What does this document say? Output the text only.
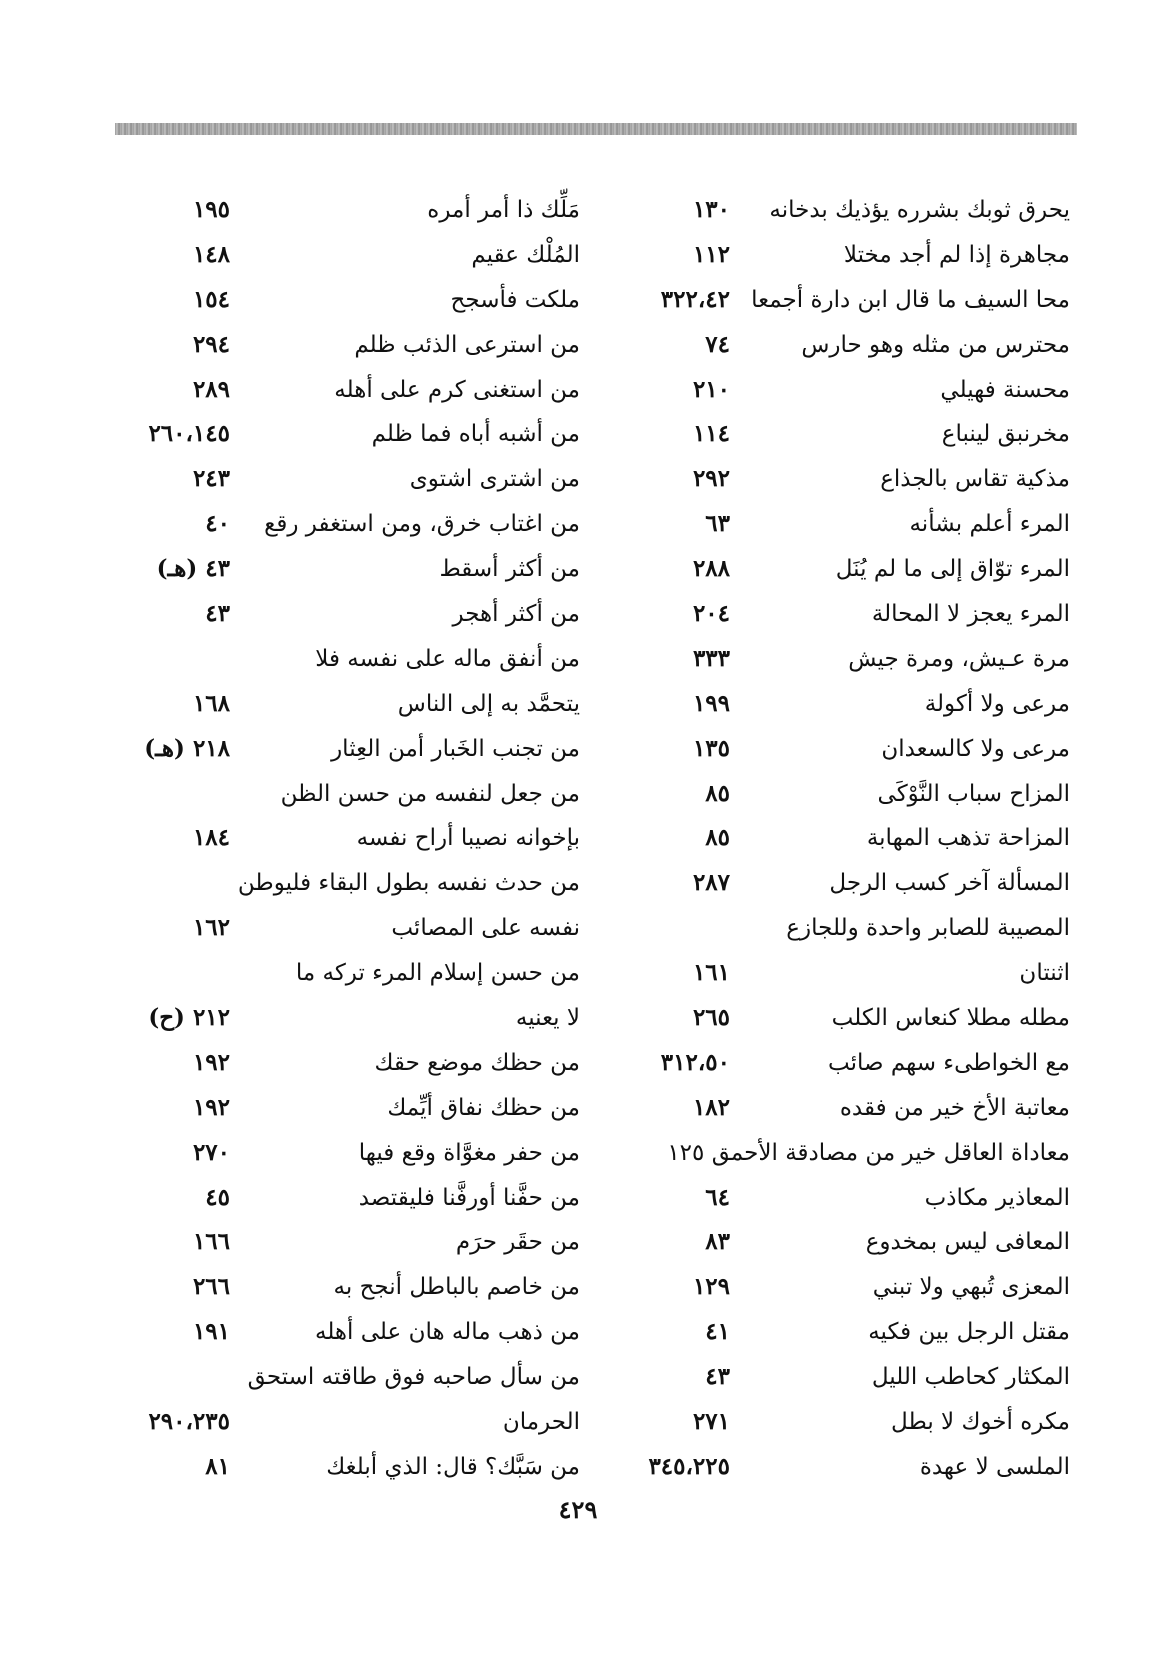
يحرق ثوبك بشرره يؤذيك بدخانه
١٣٠
مجاهرة إذا لم أجد مختلا
١١٢
محا السيف ما قال ابن دارة أجمعا
٣٢٢،٤٢
محترس من مثله وهو حارس
٧٤
محسنة فهيلي
٢١٠
مخرنبق لينباع
١١٤
مذكية تقاس بالجذاع
٢٩٢
المرء أعلم بشأنه
٦٣
المرء توّاق إلى ما لم يُنَل
٢٨٨
المرء يعجز لا المحالة
٢٠٤
مرة عـيش، ومرة جيش
٣٣٣
مرعى ولا أكولة
١٩٩
مرعى ولا كالسعدان
١٣٥
المزاح سباب النَّوْكَى
٨٥
المزاحة تذهب المهابة
٨٥
المسألة آخر كسب الرجل
٢٨٧
المصيبة للصابر واحدة وللجازع
اثنتان
١٦١
مطله مطلا كنعاس الكلب
٢٦٥
مع الخواطىء سهم صائب
٣١٢،٥٠
معاتبة الأخ خير من فقده
١٨٢
معاداة العاقل خير من مصادقة الأحمق ١٢٥
المعاذير مكاذب
٦٤
المعافى ليس بمخدوع
٨٣
المعزى تُبهي ولا تبني
١٢٩
مقتل الرجل بين فكيه
٤١
المكثار كحاطب الليل
٤٣
مكره أخوك لا بطل
٢٧١
الملسى لا عهدة
٣٤٥،٢٢٥
مَلِّك ذا أمر أمره
١٩٥
المُلْك عقيم
١٤٨
ملكت فأسجح
١٥٤
من استرعى الذئب ظلم
٢٩٤
من استغنى كرم على أهله
٢٨٩
من أشبه أباه فما ظلم
٢٦٠،١٤٥
من اشترى اشتوى
٢٤٣
من اغتاب خرق، ومن استغفر رقع
٤٠
من أكثر أسقط
٤٣ (هـ)
من أكثر أهجر
٤٣
من أنفق ماله على نفسه فلا
يتحمَّد به إلى الناس
١٦٨
من تجنب الخَبار أمن العِثار
٢١٨ (هـ)
من جعل لنفسه من حسن الظن
بإخوانه نصيبا أراح نفسه
١٨٤
من حدث نفسه بطول البقاء فليوطن
نفسه على المصائب
١٦٢
من حسن إسلام المرء تركه ما
لا يعنيه
٢١٢ (ح)
من حظك موضع حقك
١٩٢
من حظك نفاق أيِّمك
١٩٢
من حفر مغوَّاة وقع فيها
٢٧٠
من حفَّنا أورفَّنا فليقتصد
٤٥
من حقَر حرَم
١٦٦
من خاصم بالباطل أنجح به
٢٦٦
من ذهب ماله هان على أهله
١٩١
من سأل صاحبه فوق طاقته استحق
الحرمان
٢٩٠،٢٣٥
من سَبَّك؟ قال: الذي أبلغك
٨١
٤٢٩
